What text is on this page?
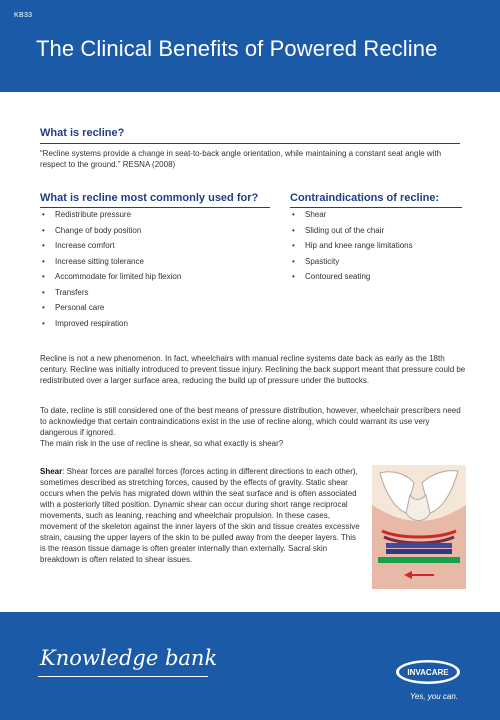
KB33
The Clinical Benefits of Powered Recline
What is recline?
“Recline systems provide a change in seat-to-back angle orientation, while maintaining a constant seat angle with respect to the ground.” RESNA (2008)
What is recline most commonly used for?
• Redistribute pressure
• Change of body position
• Increase comfort
• Increase sitting tolerance
• Accommodate for limited hip flexion
• Transfers
• Personal care
• Improved respiration
Contraindications of recline:
• Shear
• Sliding out of the chair
• Hip and knee range limitations
• Spasticity
• Contoured seating
Recline is not a new phenomenon. In fact, wheelchairs with manual recline systems date back as early as the 18th century. Recline was initially introduced to prevent tissue injury. Reclining the back support meant that pressure could be redistributed over a larger surface area, reducing the build up of pressure under the buttocks.
To date, recline is still considered one of the best means of pressure distribution, however, wheelchair prescribers need to acknowledge that certain contraindications exist in the use of recline along, which could warrant its use very dangerous if ignored.
The main risk in the use of recline is shear, so what exactly is shear?
Shear: Shear forces are parallel forces (forces acting in different directions to each other), sometimes described as stretching forces, caused by the effects of gravity. Static shear occurs when the pelvis has migrated down within the seat surface and is often associated with a posteriorly tilted position. Dynamic shear can occur during short range reciprocal movements, such as leaning, reaching and wheelchair propulsion. In these cases, movement of the skeleton against the inner layers of the skin and tissue creates excessive strain, causing the upper layers of the skin to be pulled away from the deeper layers. This is the reason tissue damage is often greater internally than externally. Sacral skin breakdown is often related to shear issues.
Knowledge bank
INVACARE
Yes, you can.
